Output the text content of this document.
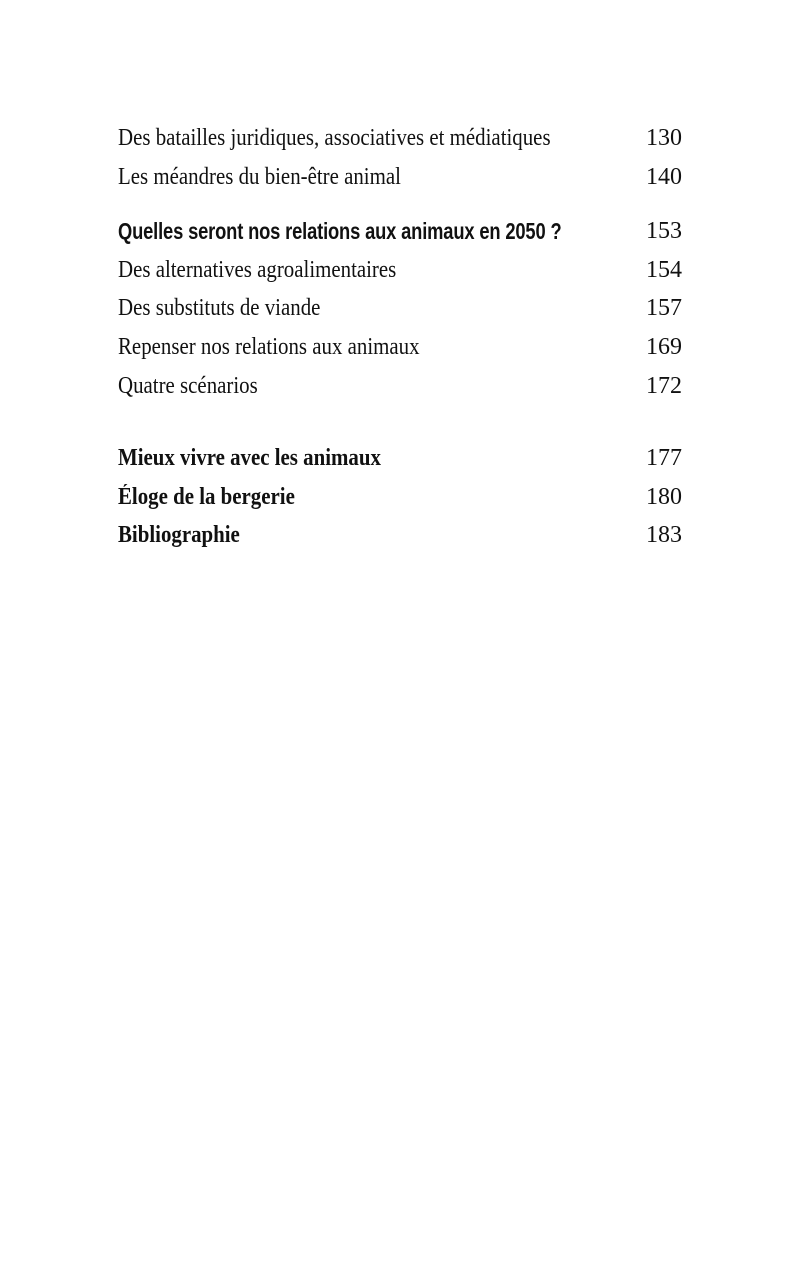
Des batailles juridiques, associatives et médiatiques	130
Les méandres du bien-être animal	140
Quelles seront nos relations aux animaux en 2050 ?	153
Des alternatives agroalimentaires	154
Des substituts de viande	157
Repenser nos relations aux animaux	169
Quatre scénarios	172
Mieux vivre avec les animaux	177
Éloge de la bergerie	180
Bibliographie	183
